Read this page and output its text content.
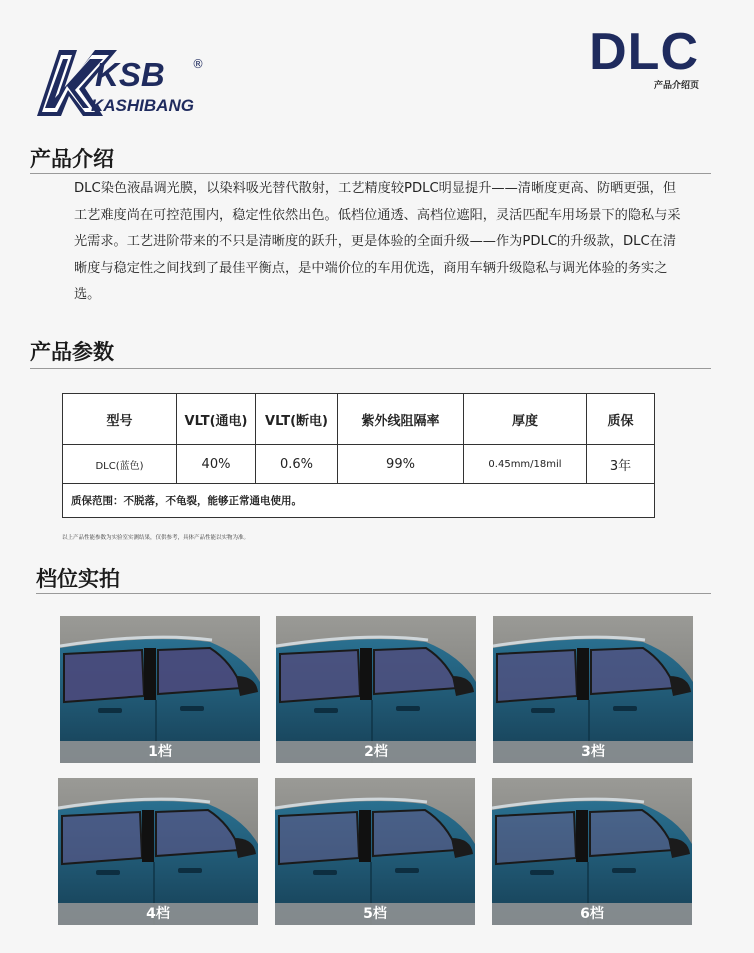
KSB ®
KASHIBANG
DLC
产品介绍页
产品介绍
DLC染色液晶调光膜，以染料吸光替代散射，工艺精度较PDLC明显提升——清晰度更高、防晒更强，但工艺难度尚在可控范围内，稳定性依然出色。低档位通透、高档位遮阳，灵活匹配车用场景下的隐私与采光需求。工艺进阶带来的不只是清晰度的跃升，更是体验的全面升级——作为PDLC的升级款，DLC在清晰度与稳定性之间找到了最佳平衡点，是中端价位的车用优选，商用车辆升级隐私与调光体验的务实之选。
产品参数
型号	VLT(通电)	VLT(断电)	紫外线阻隔率	厚度	质保
DLC(蓝色)	40%	0.6%	99%	0.45mm/18mil	3年
质保范围：不脱落，不龟裂，能够正常通电使用。					
以上产品性能参数为实验室实测结果，仅供参考，具体产品性能以实物为准。
档位实拍
1档	2档	3档
4档	5档	6档
